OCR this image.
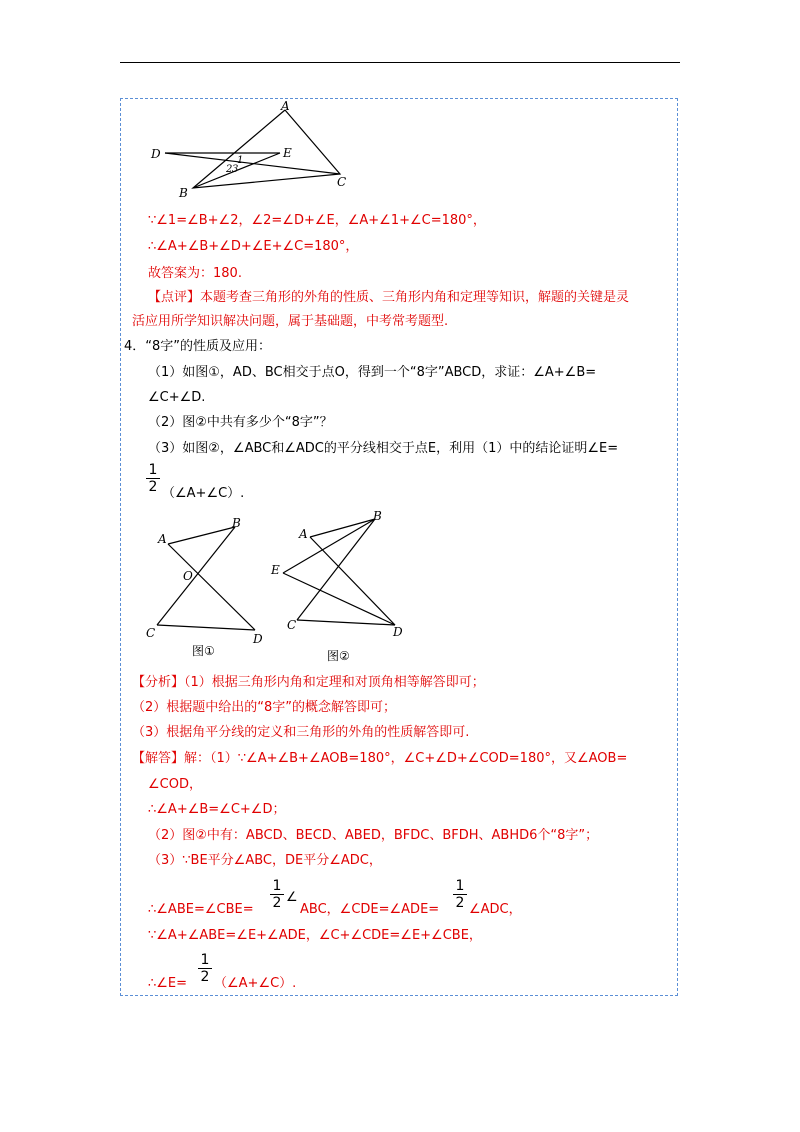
A
D	E
B
C
1
2 3
∵∠1=∠B+∠2，∠2=∠D+∠E，∠A+∠1+∠C=180°，
∴∠A+∠B+∠D+∠E+∠C=180°，
故答案为：180.
【点评】本题考查三角形的外角的性质、三角形内角和定理等知识，解题的关键是灵
活应用所学知识解决问题，属于基础题，中考常考题型.
4．“8字”的性质及应用：
（1）如图①，AD、BC相交于点O，得到一个“8字”ABCD，求证：∠A+∠B=
∠C+∠D.
（2）图②中共有多少个“8字”？
（3）如图②，∠ABC和∠ADC的平分线相交于点E，利用（1）中的结论证明∠E=
$\frac{1}{2}$ （∠A+∠C）.
A
B
O
C	D
图①
A
B
E
C	D
图②
【分析】（1）根据三角形内角和定理和对顶角相等解答即可；
（2）根据题中给出的“8字”的概念解答即可；
（3）根据角平分线的定义和三角形的外角的性质解答即可.
【解答】解：（1）∵∠A+∠B+∠AOB=180°，∠C+∠D+∠COD=180°，又∠AOB=
∠COD，
∴∠A+∠B=∠C+∠D；
（2）图②中有：ABCD、BECD、ABED，BFDC、BFDH、ABHD6个“8字”；
（3）∵BE平分∠ABC，DE平分∠ADC，
∴∠ABE=∠CBE= $\frac{1}{2}$ ∠
ABC，∠CDE=∠ADE= $\frac{1}{2}$ ∠ADC，
∵∠A+∠ABE=∠E+∠ADE，∠C+∠CDE=∠E+∠CBE，
∴∠E= $\frac{1}{2}$ （∠A+∠C）.
